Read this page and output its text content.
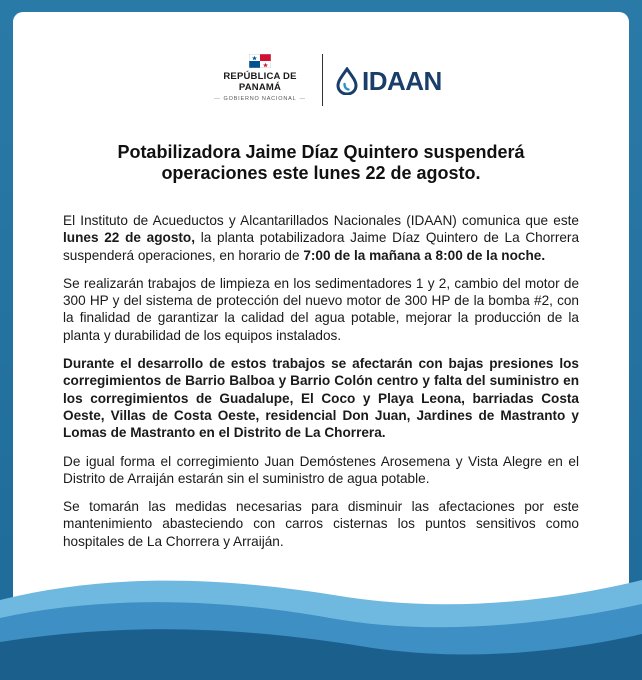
REPÚBLICA DE PANAMÁ
— GOBIERNO NACIONAL —
IDAAN
Potabilizadora Jaime Díaz Quintero suspenderá
operaciones este lunes 22 de agosto.

El Instituto de Acueductos y Alcantarillados Nacionales (IDAAN) comunica que este lunes 22 de agosto, la planta potabilizadora Jaime Díaz Quintero de La Chorrera suspenderá operaciones, en horario de 7:00 de la mañana a 8:00 de la noche.

Se realizarán trabajos de limpieza en los sedimentadores 1 y 2, cambio del motor de 300 HP y del sistema de protección del nuevo motor de 300 HP de la bomba #2, con la finalidad de garantizar la calidad del agua potable, mejorar la producción de la planta y durabilidad de los equipos instalados.

Durante el desarrollo de estos trabajos se afectarán con bajas presiones los corregimientos de Barrio Balboa y Barrio Colón centro y falta del suministro en los corregimientos de Guadalupe, El Coco y Playa Leona, barriadas Costa Oeste, Villas de Costa Oeste, residencial Don Juan, Jardines de Mastranto y Lomas de Mastranto en el Distrito de La Chorrera.

De igual forma el corregimiento Juan Demóstenes Arosemena y Vista Alegre en el Distrito de Arraiján estarán sin el suministro de agua potable.

Se tomarán las medidas necesarias para disminuir las afectaciones por este mantenimiento abasteciendo con carros cisternas los puntos sensitivos como hospitales de La Chorrera y Arraiján.
